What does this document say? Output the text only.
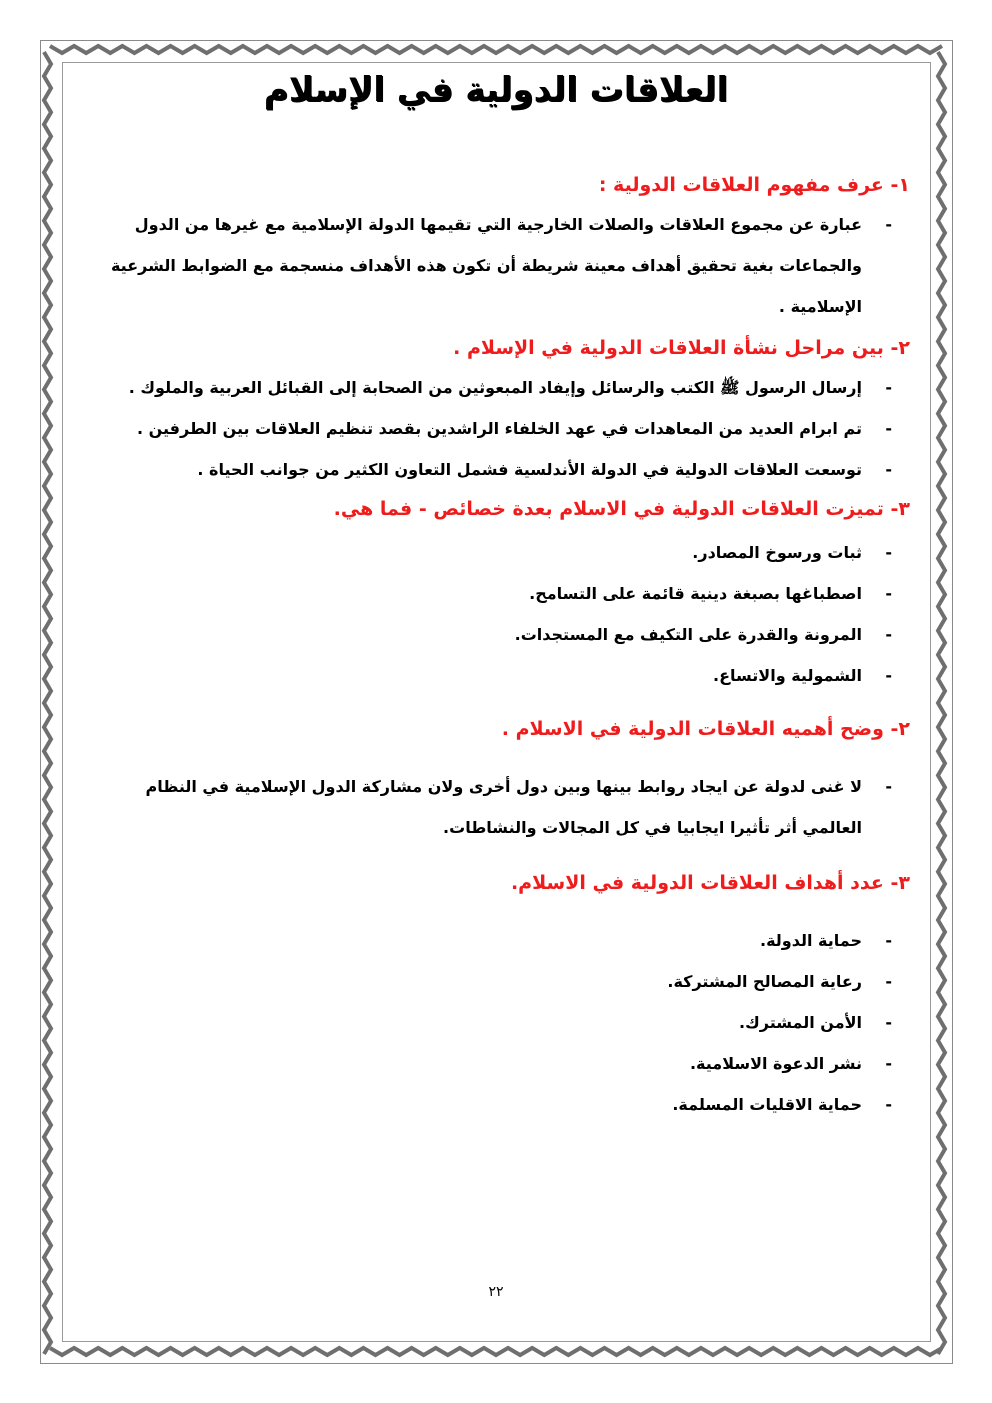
العلاقات الدولية في الإسلام
١- عرف مفهوم العلاقات الدولية :
-
عبارة عن مجموع العلاقات والصلات الخارجية التي تقيمها الدولة الإسلامية مع غيرها من الدول والجماعات بغية تحقيق أهداف معينة شريطة أن تكون هذه الأهداف منسجمة مع الضوابط الشرعية الإسلامية .
٢- بين مراحل نشأة العلاقات الدولية في الإسلام .
-
إرسال الرسول ﷺ الكتب والرسائل وإيفاد المبعوثين من الصحابة إلى القبائل العربية والملوك .
-
تم ابرام العديد من المعاهدات في عهد الخلفاء الراشدين بقصد تنظيم العلاقات بين الطرفين .
-
توسعت العلاقات الدولية في الدولة الأندلسية فشمل التعاون الكثير من جوانب الحياة .
٣- تميزت العلاقات الدولية في الاسلام بعدة خصائص - فما هي.
-
ثبات ورسوخ المصادر.
-
اصطباغها بصبغة دينية قائمة على التسامح.
-
المرونة والقدرة على التكيف مع المستجدات.
-
الشمولية والاتساع.
٢- وضح أهميه العلاقات الدولية في الاسلام .
-
لا غنى لدولة عن ايجاد روابط بينها وبين دول أخرى ولان مشاركة الدول الإسلامية في النظام العالمي أثر تأثيرا ايجابيا في كل المجالات والنشاطات.
٣- عدد أهداف العلاقات الدولية في الاسلام.
-
حماية الدولة.
-
رعاية المصالح المشتركة.
-
الأمن المشترك.
-
نشر الدعوة الاسلامية.
-
حماية الاقليات المسلمة.
٢٢
